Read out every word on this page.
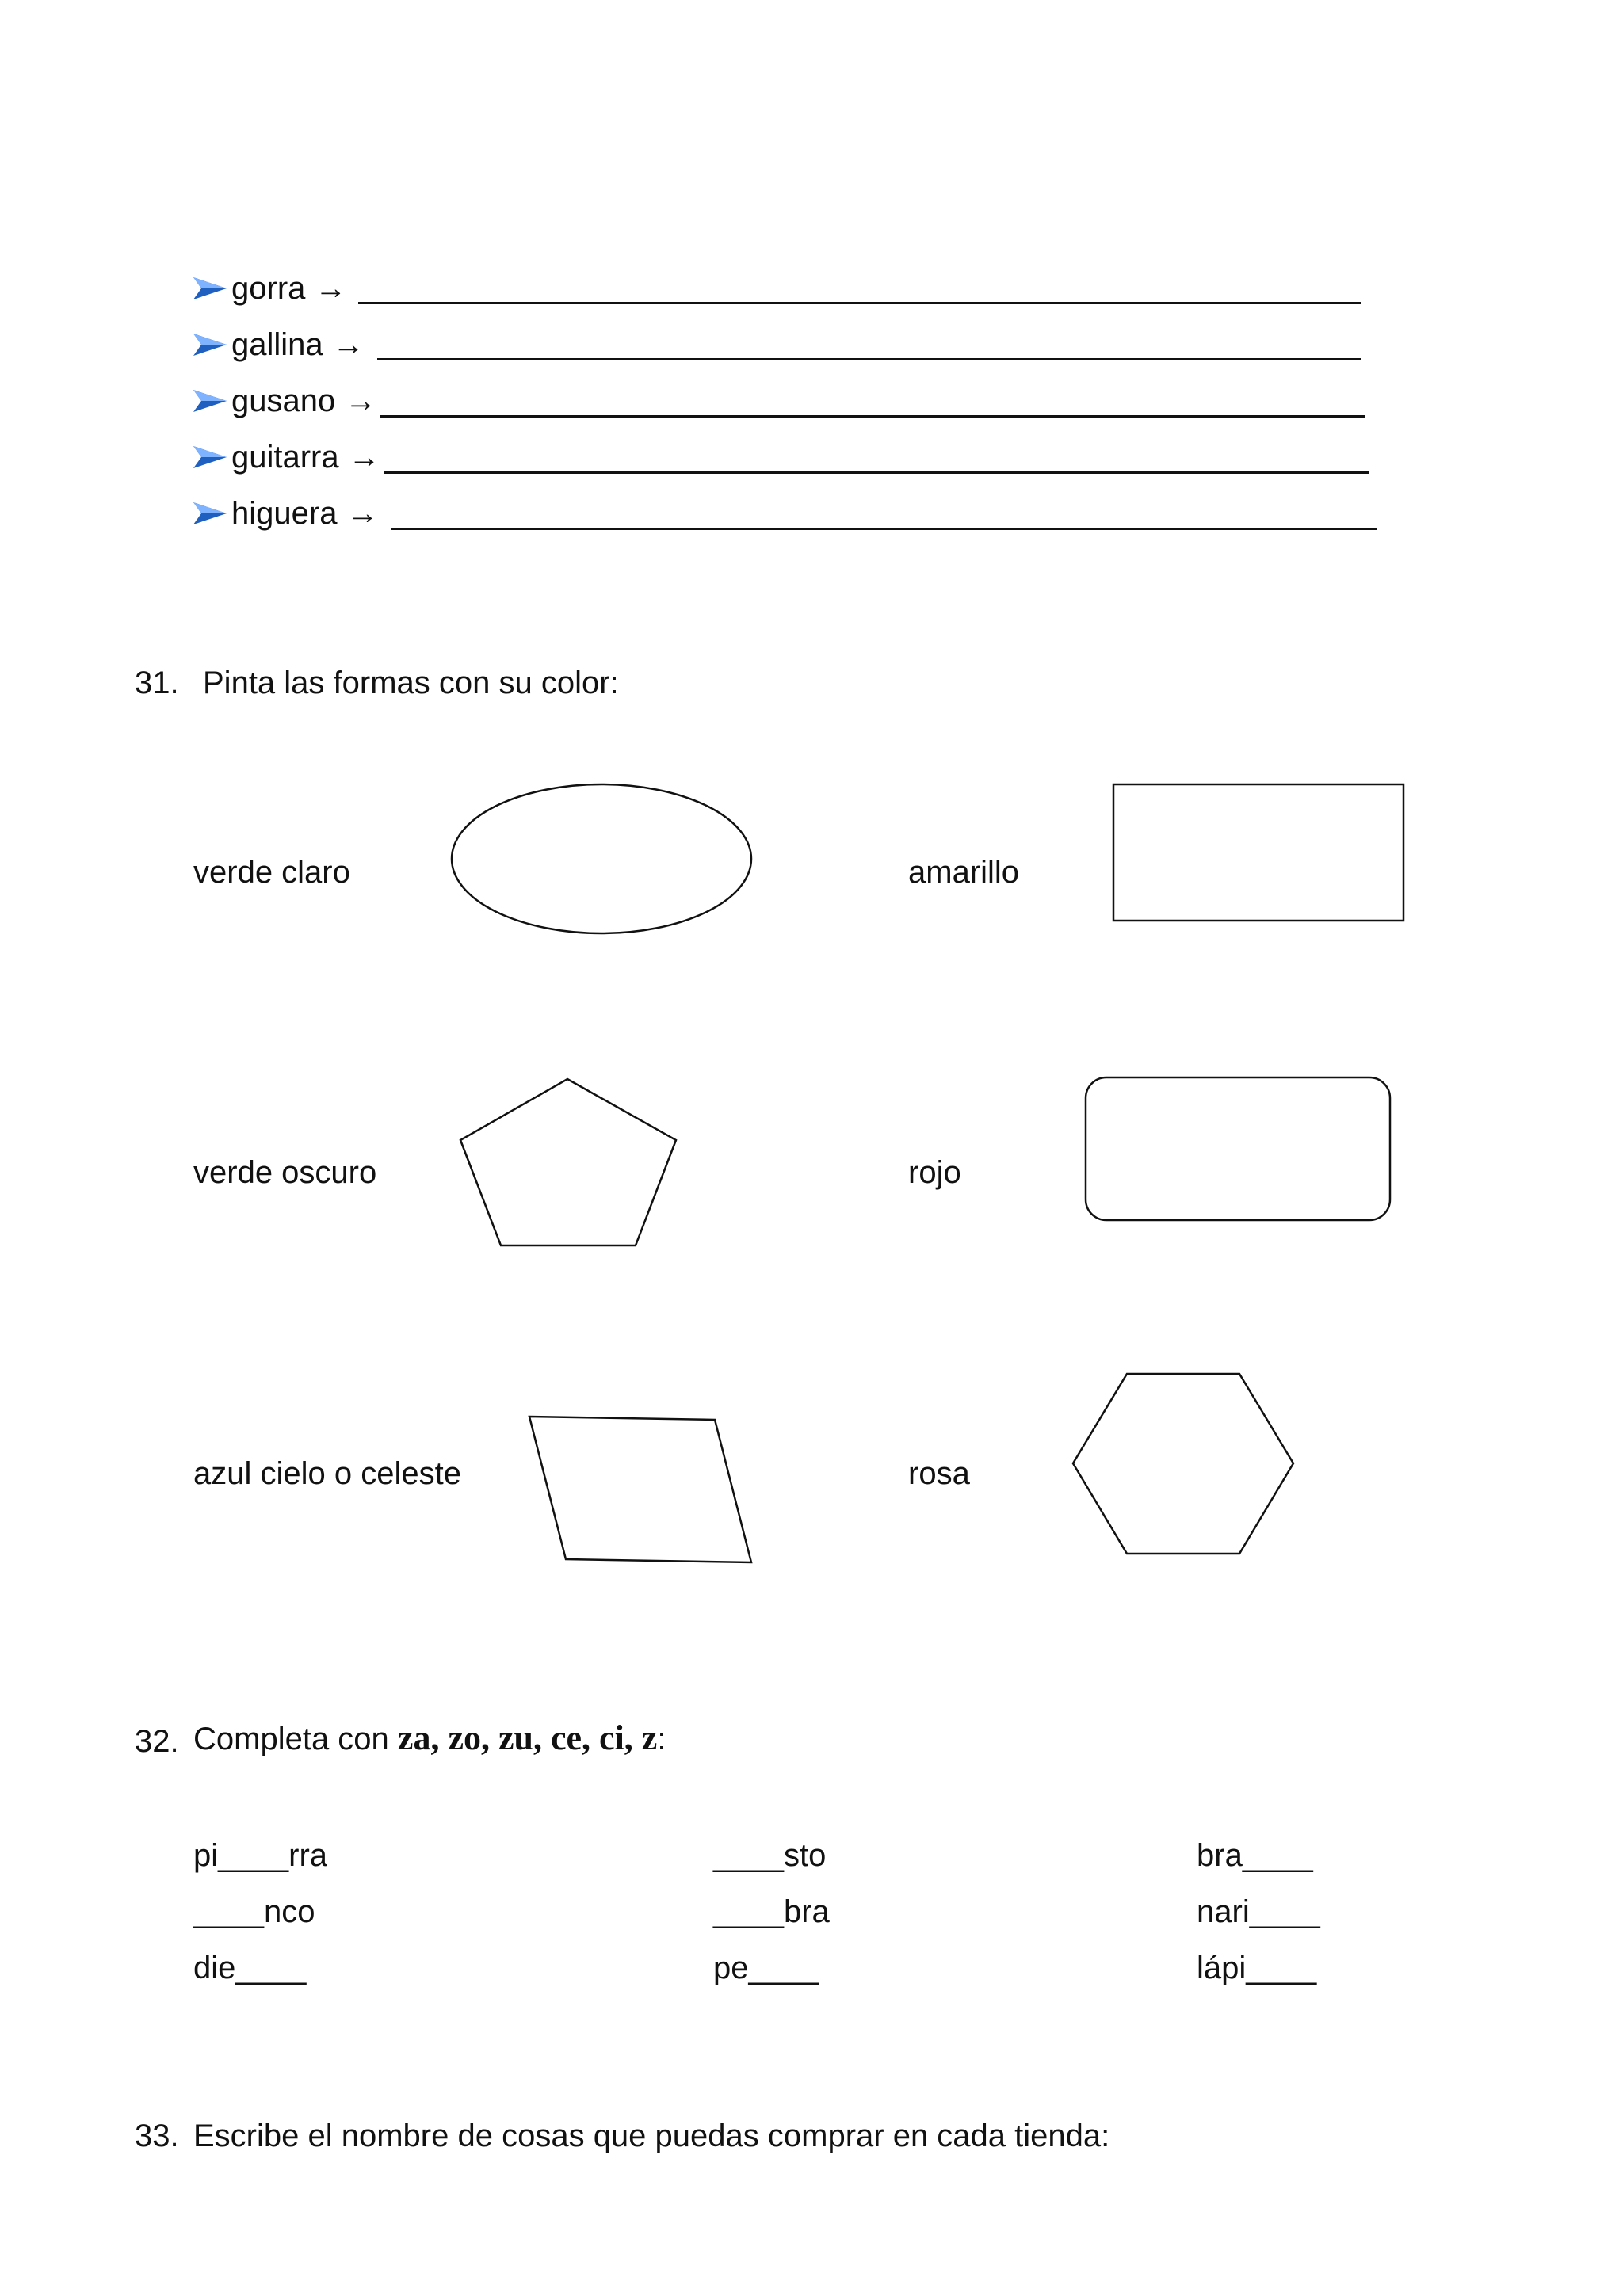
gorra →
gallina →
gusano →
guitarra →
higuera →
31. Pinta las formas con su color:
verde claro	amarillo
verde oscuro	rojo
azul cielo o celeste	rosa
32. Completa con za, zo, zu, ce, ci, z :
pi____rra	____sto	bra____
____nco	____bra	nari____
die____	pe____	lápi____
33. Escribe el nombre de cosas que puedas comprar en cada tienda:
